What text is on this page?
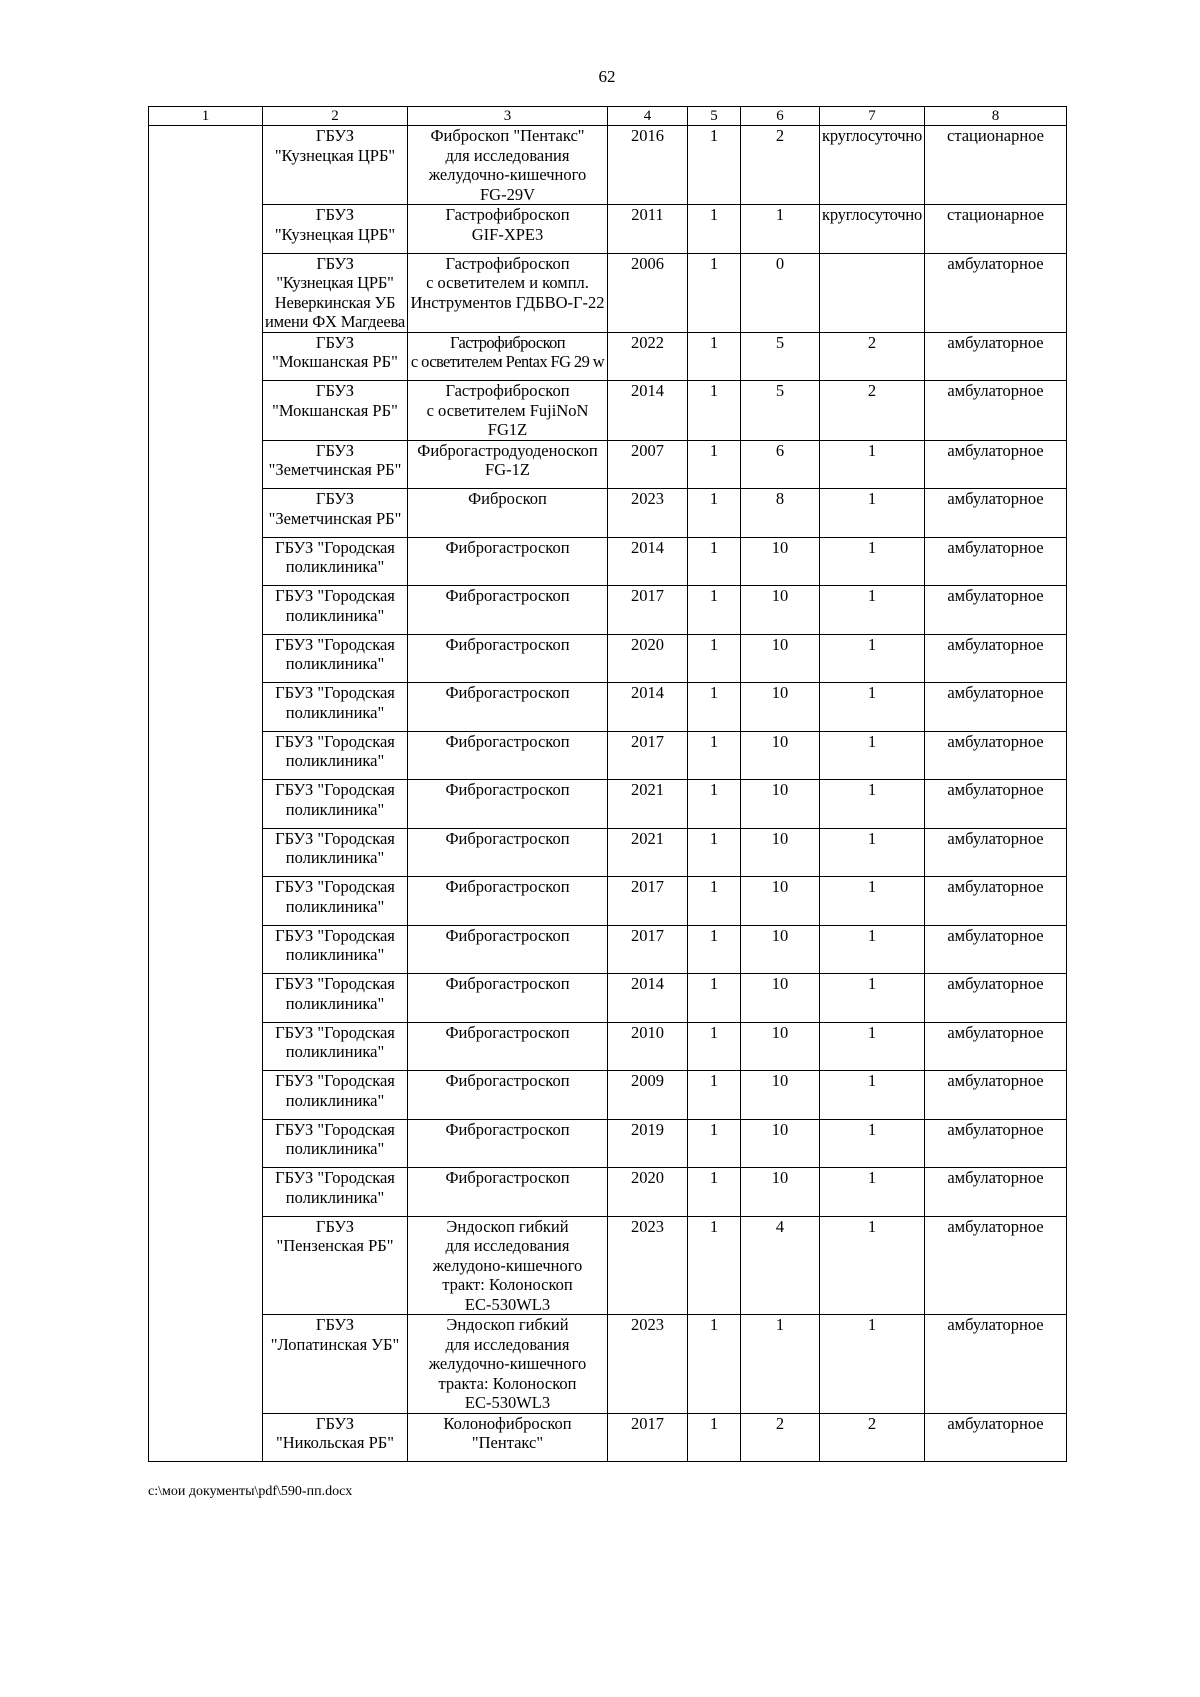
62
1	2	3	4	5	6	7	8

	ГБУЗ
"Кузнецкая ЦРБ"	Фиброскоп "Пентакс"
для исследования
желудочно-кишечного
FG-29V	2016	1	2	круглосуточно	стационарное

	ГБУЗ
"Кузнецкая ЦРБ"	Гастрофиброскоп
GIF-XPE3	2011	1	1	круглосуточно	стационарное

	ГБУЗ
"Кузнецкая ЦРБ"
Неверкинская УБ
имени ФХ Магдеева	Гастрофиброскоп
с осветителем и компл.
Инструментов ГДБВО-Г-22	2006	1	0		амбулаторное

	ГБУЗ
"Мокшанская РБ"	Гастрофиброскоп
с осветителем Pentax FG 29 w	2022	1	5	2	амбулаторное

	ГБУЗ
"Мокшанская РБ"	Гастрофиброскоп
с осветителем FujiNoN
FG1Z	2014	1	5	2	амбулаторное

	ГБУЗ
"Земетчинская РБ"	Фиброгастродуоденоскоп
FG-1Z	2007	1	6	1	амбулаторное

	ГБУЗ
"Земетчинская РБ"	Фиброскоп	2023	1	8	1	амбулаторное

	ГБУЗ "Городская
поликлиника"	Фиброгастроскоп	2014	1	10	1	амбулаторное

	ГБУЗ "Городская
поликлиника"	Фиброгастроскоп	2017	1	10	1	амбулаторное

	ГБУЗ "Городская
поликлиника"	Фиброгастроскоп	2020	1	10	1	амбулаторное

	ГБУЗ "Городская
поликлиника"	Фиброгастроскоп	2014	1	10	1	амбулаторное

	ГБУЗ "Городская
поликлиника"	Фиброгастроскоп	2017	1	10	1	амбулаторное

	ГБУЗ "Городская
поликлиника"	Фиброгастроскоп	2021	1	10	1	амбулаторное

	ГБУЗ "Городская
поликлиника"	Фиброгастроскоп	2021	1	10	1	амбулаторное

	ГБУЗ "Городская
поликлиника"	Фиброгастроскоп	2017	1	10	1	амбулаторное

	ГБУЗ "Городская
поликлиника"	Фиброгастроскоп	2017	1	10	1	амбулаторное

	ГБУЗ "Городская
поликлиника"	Фиброгастроскоп	2014	1	10	1	амбулаторное

	ГБУЗ "Городская
поликлиника"	Фиброгастроскоп	2010	1	10	1	амбулаторное

	ГБУЗ "Городская
поликлиника"	Фиброгастроскоп	2009	1	10	1	амбулаторное

	ГБУЗ "Городская
поликлиника"	Фиброгастроскоп	2019	1	10	1	амбулаторное

	ГБУЗ "Городская
поликлиника"	Фиброгастроскоп	2020	1	10	1	амбулаторное

	ГБУЗ
"Пензенская РБ"	Эндоскоп гибкий
для исследования
желудоно-кишечного
тракт: Колоноскоп
EC-530WL3	2023	1	4	1	амбулаторное

	ГБУЗ
"Лопатинская УБ"	Эндоскоп гибкий
для исследования
желудочно-кишечного
тракта: Колоноскоп
EC-530WL3	2023	1	1	1	амбулаторное

	ГБУЗ
"Никольская РБ"	Колонофиброскоп
"Пентакс"	2017	1	2	2	амбулаторное
c:\мои документы\pdf\590-пп.docx
